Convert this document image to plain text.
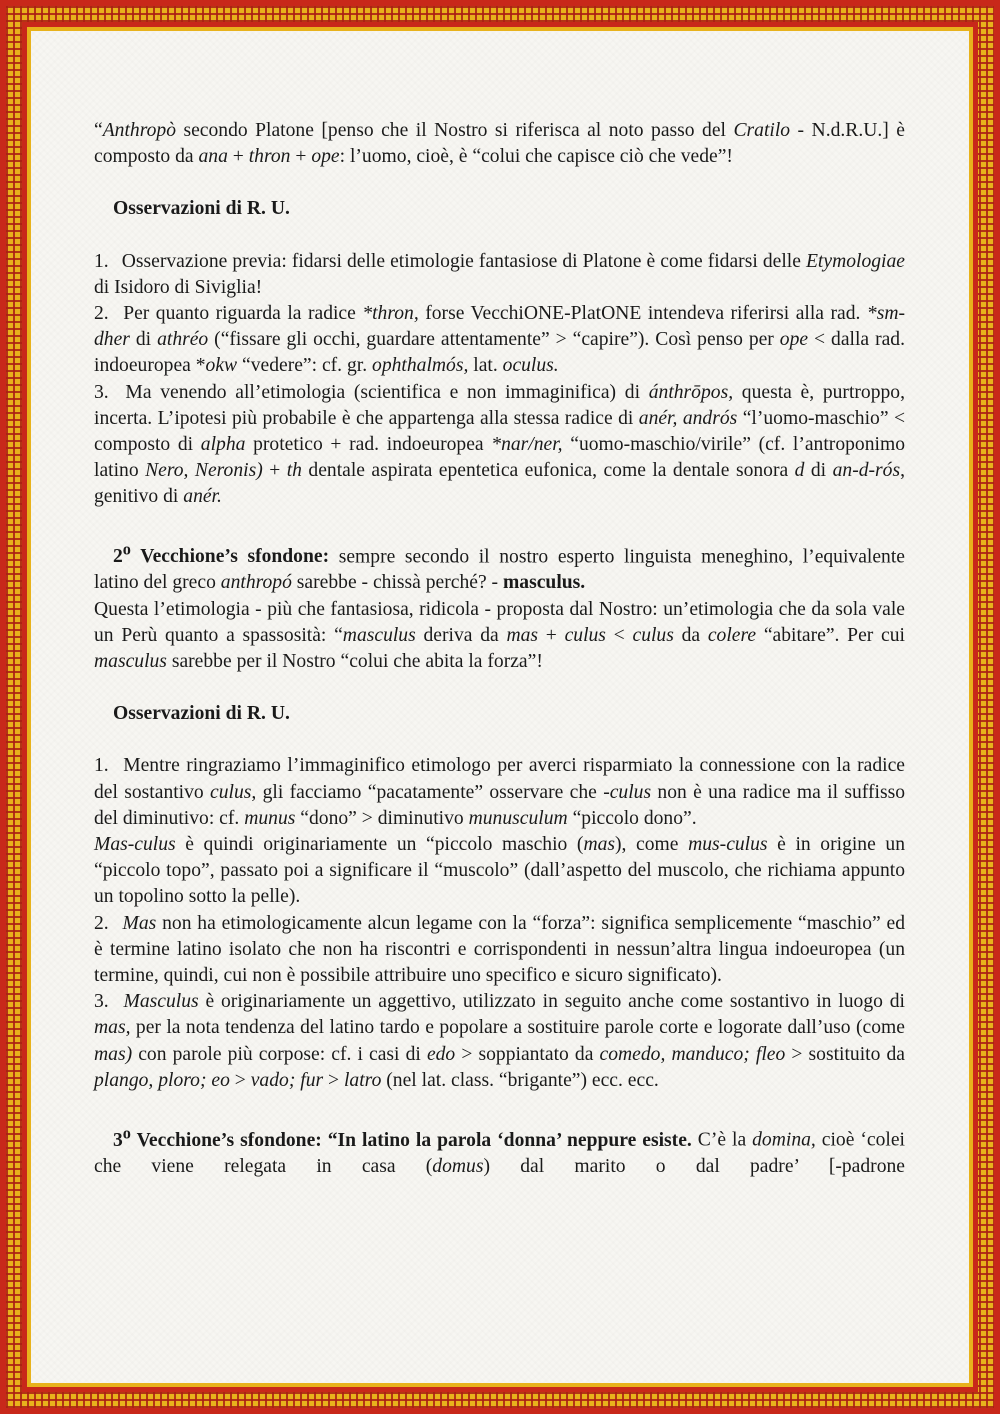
“Anthropò secondo Platone [penso che il Nostro si riferisca al noto passo del Cratilo - N.d.R.U.] è composto da ana + thron + ope: l’uomo, cioè, è “colui che capisce ciò che vede”!

Osservazioni di R. U.

1. Osservazione previa: fidarsi delle etimologie fantasiose di Platone è come fidarsi delle Etymologiae di Isidoro di Siviglia!

2. Per quanto riguarda la radice *thron, forse VecchiONE-PlatONE intendeva riferirsi alla rad. *sm-dher di athréo (“fissare gli occhi, guardare attentamente” > “capire”). Così penso per ope < dalla rad. indoeuropea *okw “vedere”: cf. gr. ophthalmós, lat. oculus.

3. Ma venendo all’etimologia (scientifica e non immaginifica) di ánthrōpos, questa è, purtroppo, incerta. L’ipotesi più probabile è che appartenga alla stessa radice di anér, andrós “l’uomo-maschio” < composto di alpha protetico + rad. indoeuropea *nar/ner, “uomo-maschio/virile” (cf. l’antroponimo latino Nero, Neronis) + th dentale aspirata epentetica eufonica, come la dentale sonora d di an-d-rós, genitivo di anér.

2$^o$ Vecchione’s sfondone: sempre secondo il nostro esperto linguista meneghino, l’equivalente latino del greco anthropó sarebbe - chissà perché? - masculus.

Questa l’etimologia - più che fantasiosa, ridicola - proposta dal Nostro: un’etimologia che da sola vale un Perù quanto a spassosità: “masculus deriva da mas + culus < culus da colere “abitare”. Per cui masculus sarebbe per il Nostro “colui che abita la forza”!

Osservazioni di R. U.

1. Mentre ringraziamo l’immaginifico etimologo per averci risparmiato la connessione con la radice del sostantivo culus, gli facciamo “pacatamente” osservare che -culus non è una radice ma il suffisso del diminutivo: cf. munus “dono” > diminutivo munusculum “piccolo dono”.

Mas-culus è quindi originariamente un “piccolo maschio (mas), come mus-culus è in origine un “piccolo topo”, passato poi a significare il “muscolo” (dall’aspetto del muscolo, che richiama appunto un topolino sotto la pelle).

2. Mas non ha etimologicamente alcun legame con la “forza”: significa semplicemente “maschio” ed è termine latino isolato che non ha riscontri e corrispondenti in nessun’altra lingua indoeuropea (un termine, quindi, cui non è possibile attribuire uno specifico e sicuro significato).

3. Masculus è originariamente un aggettivo, utilizzato in seguito anche come sostantivo in luogo di mas, per la nota tendenza del latino tardo e popolare a sostituire parole corte e logorate dall’uso (come mas) con parole più corpose: cf. i casi di edo > soppiantato da comedo, manduco; fleo > sostituito da plango, ploro; eo > vado; fur > latro (nel lat. class. “brigante”) ecc. ecc.

3$^o$ Vecchione’s sfondone: “In latino la parola ‘donna’ neppure esiste. C’è la domina, cioè ‘colei che viene relegata in casa (domus) dal marito o dal padre’ [-padrone
